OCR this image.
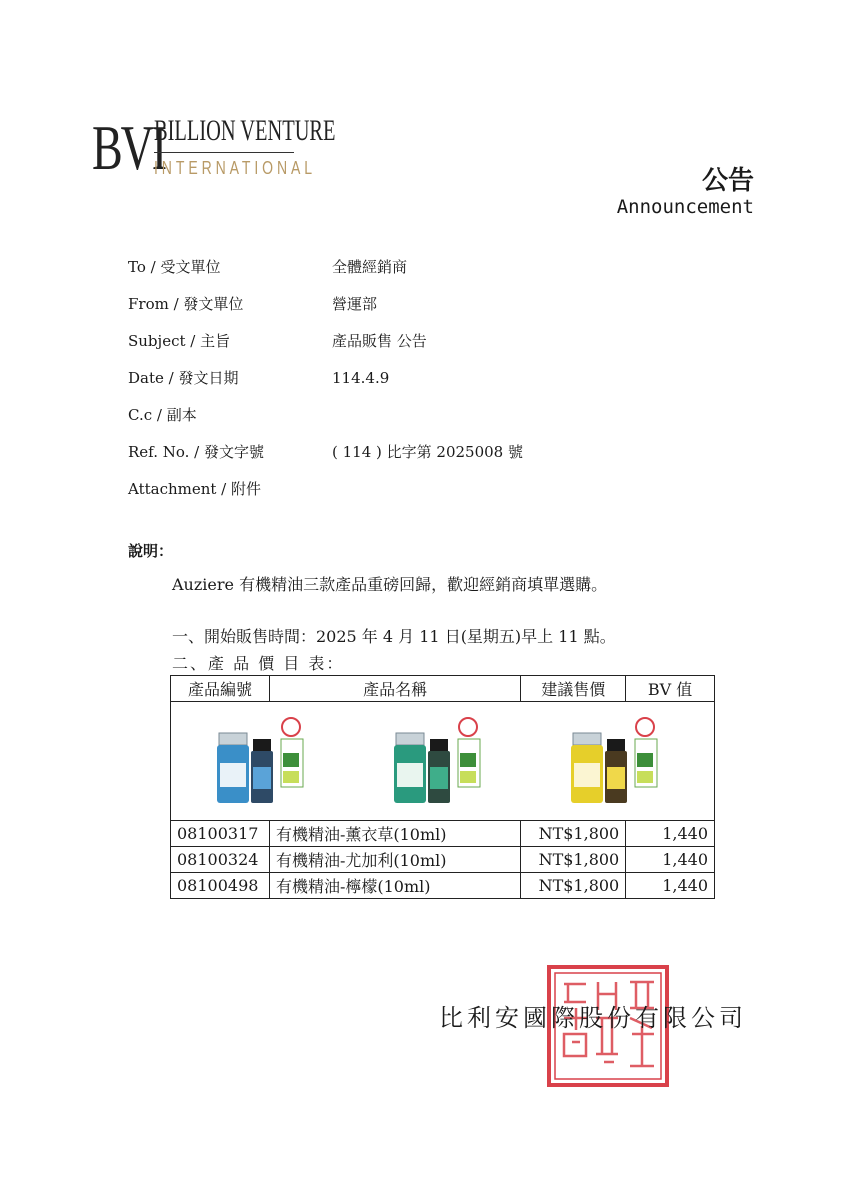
BVI
BILLION VENTURE
INTERNATIONAL	公告
Announcement
To / 受文單位	全體經銷商
From / 發文單位	營運部
Subject / 主旨	產品販售 公告
Date / 發文日期	114.4.9
C.c / 副本
Ref. No. / 發文字號	( 114 ) 比字第 2025008 號
Attachment / 附件
說明：
Auziere 有機精油三款產品重磅回歸，歡迎經銷商填單選購。
一、開始販售時間：2025 年 4 月 11 日(星期五)早上 11 點。
二、產 品 價 目 表：
產品編號	產品名稱	建議售價	BV 值

08100317	有機精油-薰衣草(10ml)	NT$1,800	1,440
08100324	有機精油-尤加利(10ml)	NT$1,800	1,440
08100498	有機精油-檸檬(10ml)	NT$1,800	1,440
比利安國際股份有限公司
